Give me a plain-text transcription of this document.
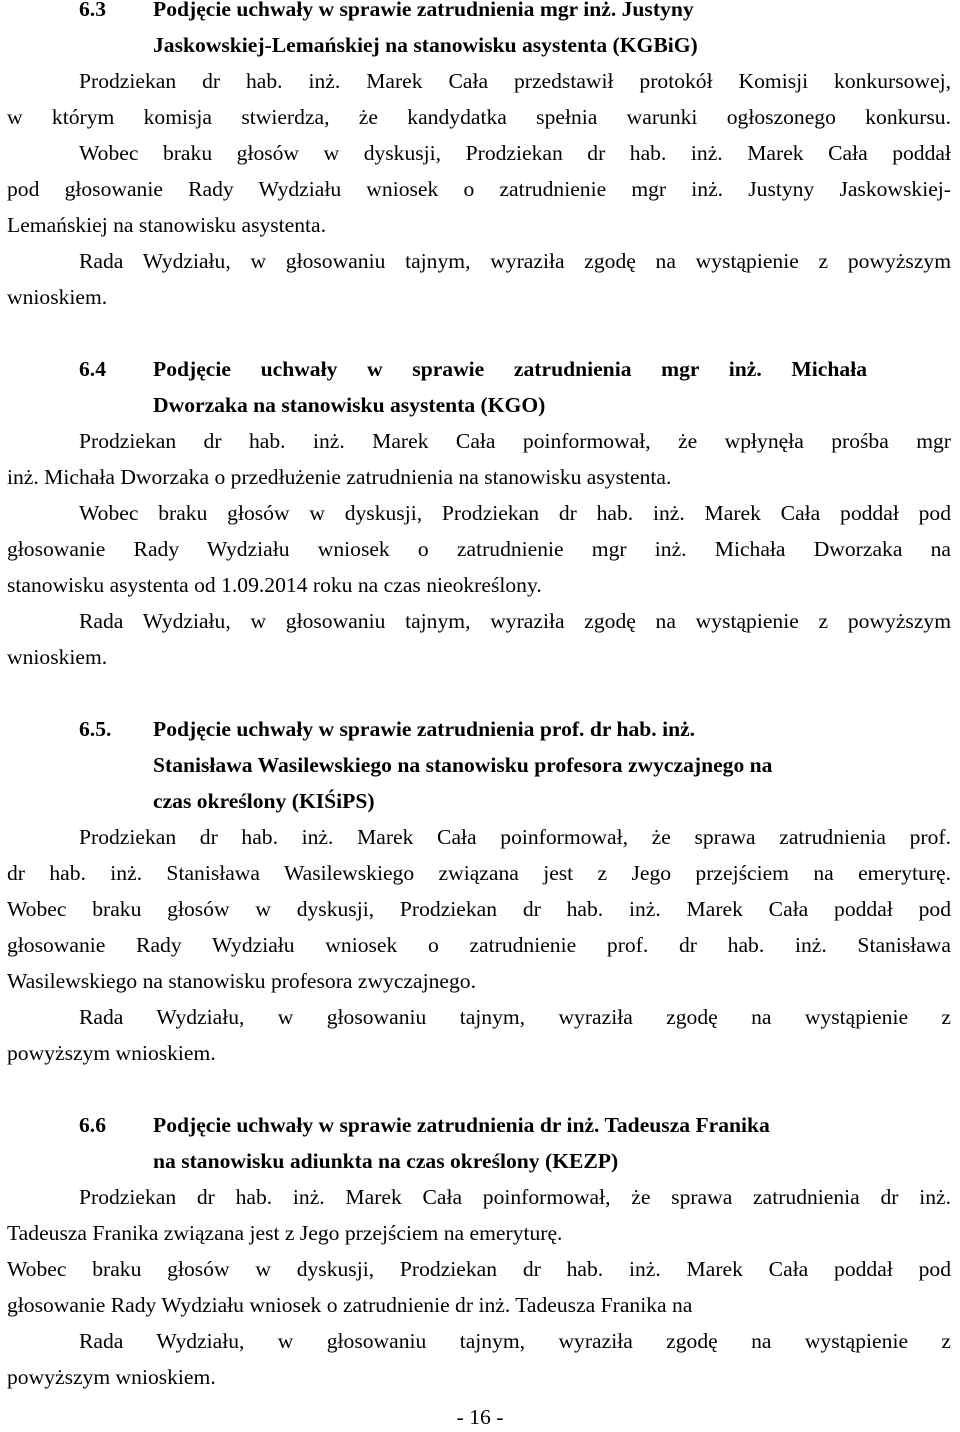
6.3 Podjęcie uchwały w sprawie zatrudnienia mgr inż. Justyny
Jaskowskiej-Lemańskiej na stanowisku asystenta (KGBiG)
Prodziekan dr hab. inż. Marek Cała przedstawił protokół Komisji konkursowej,
w którym komisja stwierdza, że kandydatka spełnia warunki ogłoszonego konkursu.
Wobec braku głosów w dyskusji, Prodziekan dr hab. inż. Marek Cała poddał
pod głosowanie Rady Wydziału wniosek o zatrudnienie mgr inż. Justyny Jaskowskiej-
Lemańskiej na stanowisku asystenta.
Rada Wydziału, w głosowaniu tajnym, wyraziła zgodę na wystąpienie z powyższym
wnioskiem.
6.4 Podjęcie uchwały w sprawie zatrudnienia mgr inż. Michała
Dworzaka na stanowisku asystenta (KGO)
Prodziekan dr hab. inż. Marek Cała poinformował, że wpłynęła prośba mgr
inż. Michała Dworzaka o przedłużenie zatrudnienia na stanowisku asystenta.
Wobec braku głosów w dyskusji, Prodziekan dr hab. inż. Marek Cała poddał pod
głosowanie Rady Wydziału wniosek o zatrudnienie mgr inż. Michała Dworzaka na
stanowisku asystenta od 1.09.2014 roku na czas nieokreślony.
Rada Wydziału, w głosowaniu tajnym, wyraziła zgodę na wystąpienie z powyższym
wnioskiem.
6.5. Podjęcie uchwały w sprawie zatrudnienia prof. dr hab. inż.
Stanisława Wasilewskiego na stanowisku profesora zwyczajnego na
czas określony (KIŚiPS)
Prodziekan dr hab. inż. Marek Cała poinformował, że sprawa zatrudnienia prof.
dr hab. inż. Stanisława Wasilewskiego związana jest z Jego przejściem na emeryturę.
Wobec braku głosów w dyskusji, Prodziekan dr hab. inż. Marek Cała poddał pod
głosowanie Rady Wydziału wniosek o zatrudnienie prof. dr hab. inż. Stanisława
Wasilewskiego na stanowisku profesora zwyczajnego.
Rada Wydziału, w głosowaniu tajnym, wyraziła zgodę na wystąpienie z
powyższym wnioskiem.
6.6 Podjęcie uchwały w sprawie zatrudnienia dr inż. Tadeusza Franika
na stanowisku adiunkta na czas określony (KEZP)
Prodziekan dr hab. inż. Marek Cała poinformował, że sprawa zatrudnienia dr inż.
Tadeusza Franika związana jest z Jego przejściem na emeryturę.
Wobec braku głosów w dyskusji, Prodziekan dr hab. inż. Marek Cała poddał pod
głosowanie Rady Wydziału wniosek o zatrudnienie dr inż. Tadeusza Franika na
Rada Wydziału, w głosowaniu tajnym, wyraziła zgodę na wystąpienie z
powyższym wnioskiem.
- 16 -
